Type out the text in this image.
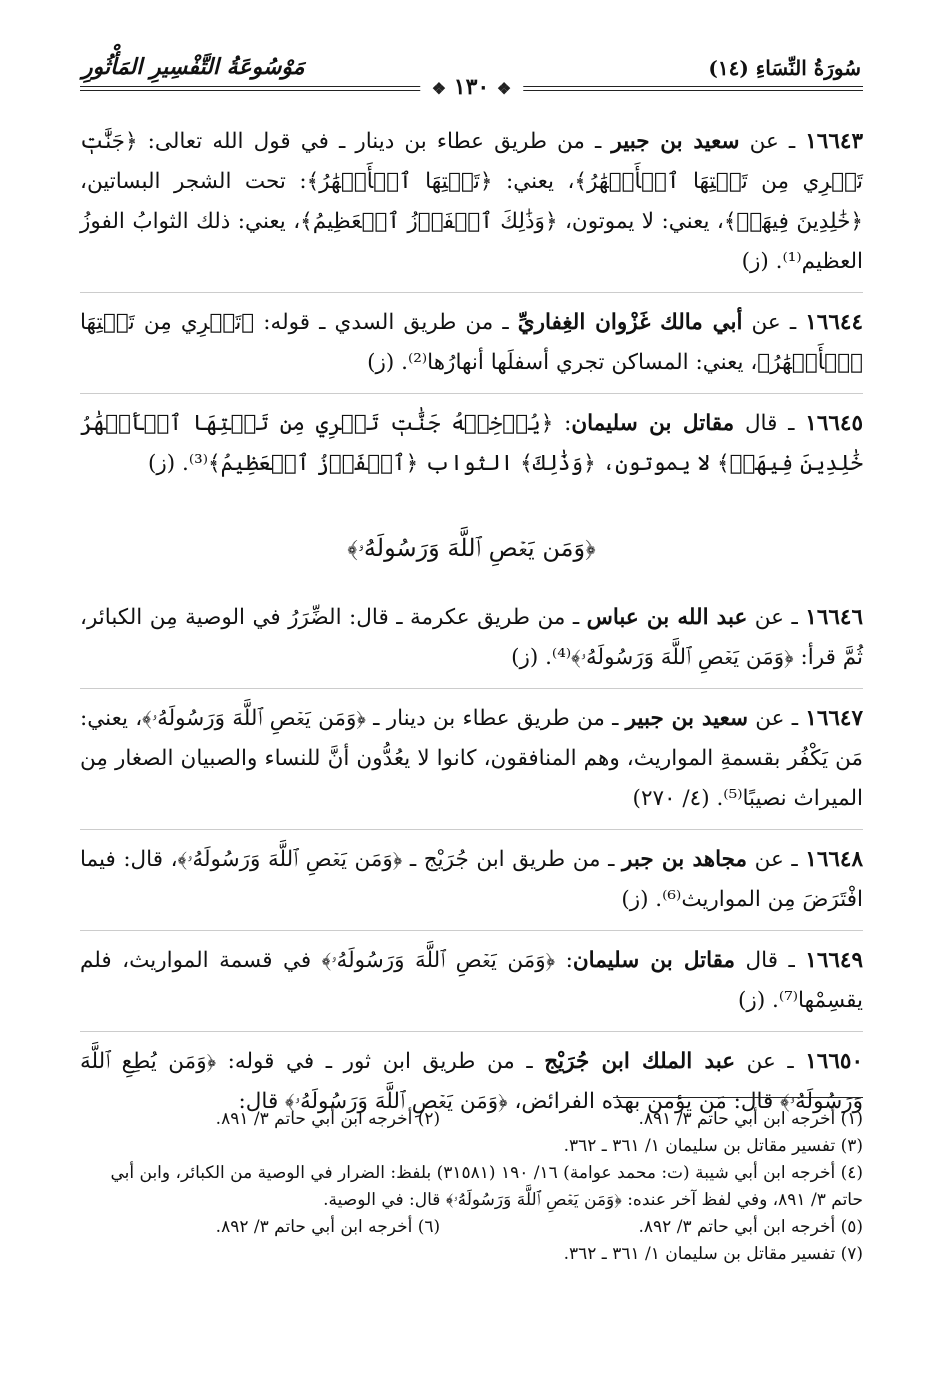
سُورَةُ النِّسَاءِ (١٤)
مَوْسُوعَةُ التَّفْسِيرِ المَأْثُورِ
❖ ١٣٠ ❖

١٦٦٤٣ ـ عن سعيد بن جبير ـ من طريق عطاء بن دينار ـ في قول الله تعالى: ﴿جَنَّٰتٖ تَجۡرِي مِن تَحۡتِهَا ٱلۡأَنۡهَٰرُ﴾، يعني: ﴿تَحۡتِهَا ٱلۡأَنۡهَٰرُ﴾: تحت الشجر البساتين، ﴿خَٰلِدِينَ فِيهَاۚ﴾، يعني: لا يموتون، ﴿وَذَٰلِكَ ٱلۡفَوۡزُ ٱلۡعَظِيمُ﴾، يعني: ذلك الثوابُ الفوزُ العظيم⁽¹⁾. (ز)

١٦٦٤٤ ـ عن أبي مالك غَزْوان الغِفاريِّ ـ من طريق السدي ـ قوله: ﴿تَجۡرِي مِن تَحۡتِهَا ٱلۡأَنۡهَٰرُ﴾، يعني: المساكن تجري أسفلَها أنهارُها⁽²⁾. (ز)

١٦٦٤٥ ـ قال مقاتل بن سليمان: ﴿يُدۡخِلۡهُ جَنَّٰتٖ تَجۡرِي مِن تَحۡتِهَا ٱلۡأَنۡهَٰرُ خَٰلِدِينَ فِيهَاۚ﴾ لا يموتون، ﴿وَذَٰلِكَ﴾ الثواب ﴿ٱلۡفَوۡزُ ٱلۡعَظِيمُ﴾⁽³⁾. (ز)

﴿وَمَن يَعۡصِ ٱللَّهَ وَرَسُولَهُۥ﴾

١٦٦٤٦ ـ عن عبد الله بن عباس ـ من طريق عكرمة ـ قال: الضِّرَرُ في الوصية مِن الكبائر، ثُمَّ قرأ: ﴿وَمَن يَعۡصِ ٱللَّهَ وَرَسُولَهُۥ﴾⁽⁴⁾. (ز)

١٦٦٤٧ ـ عن سعيد بن جبير ـ من طريق عطاء بن دينار ـ ﴿وَمَن يَعۡصِ ٱللَّهَ وَرَسُولَهُۥ﴾، يعني: مَن يَكْفُر بقسمةِ المواريث، وهم المنافقون، كانوا لا يعُدُّون أنَّ للنساء والصبيان الصغار مِن الميراث نصيبًا⁽⁵⁾. (٤/ ٢٧٠)

١٦٦٤٨ ـ عن مجاهد بن جبر ـ من طريق ابن جُرَيْج ـ ﴿وَمَن يَعۡصِ ٱللَّهَ وَرَسُولَهُۥ﴾، قال: فيما افْتَرَضَ مِن المواريث⁽⁶⁾. (ز)

١٦٦٤٩ ـ قال مقاتل بن سليمان: ﴿وَمَن يَعۡصِ ٱللَّهَ وَرَسُولَهُۥ﴾ في قسمة المواريث، فلم يقسِمْها⁽⁷⁾. (ز)

١٦٦٥٠ ـ عن عبد الملك ابن جُرَيْج ـ من طريق ابن ثور ـ في قوله: ﴿وَمَن يُطِعِ ٱللَّهَ وَرَسُولَهُۥ﴾ قال: مَن يؤمن بهذه الفرائض، ﴿وَمَن يَعۡصِ ٱللَّهَ وَرَسُولَهُۥ﴾ قال:

(١) أخرجه ابن أبي حاتم ٣/ ٨٩١.

(٢) أخرجه ابن أبي حاتم ٣/ ٨٩١.

(٣) تفسير مقاتل بن سليمان ١/ ٣٦١ ـ ٣٦٢.

(٤) أخرجه ابن أبي شيبة (ت: محمد عوامة) ١٦/ ١٩٠ (٣١٥٨١) بلفظ: الضرار في الوصية من الكبائر، وابن أبي حاتم ٣/ ٨٩١، وفي لفظ آخر عنده: ﴿وَمَن يَعۡصِ ٱللَّهَ وَرَسُولَهُۥ﴾ قال: في الوصية.

(٥) أخرجه ابن أبي حاتم ٣/ ٨٩٢.

(٦) أخرجه ابن أبي حاتم ٣/ ٨٩٢.

(٧) تفسير مقاتل بن سليمان ١/ ٣٦١ ـ ٣٦٢.
